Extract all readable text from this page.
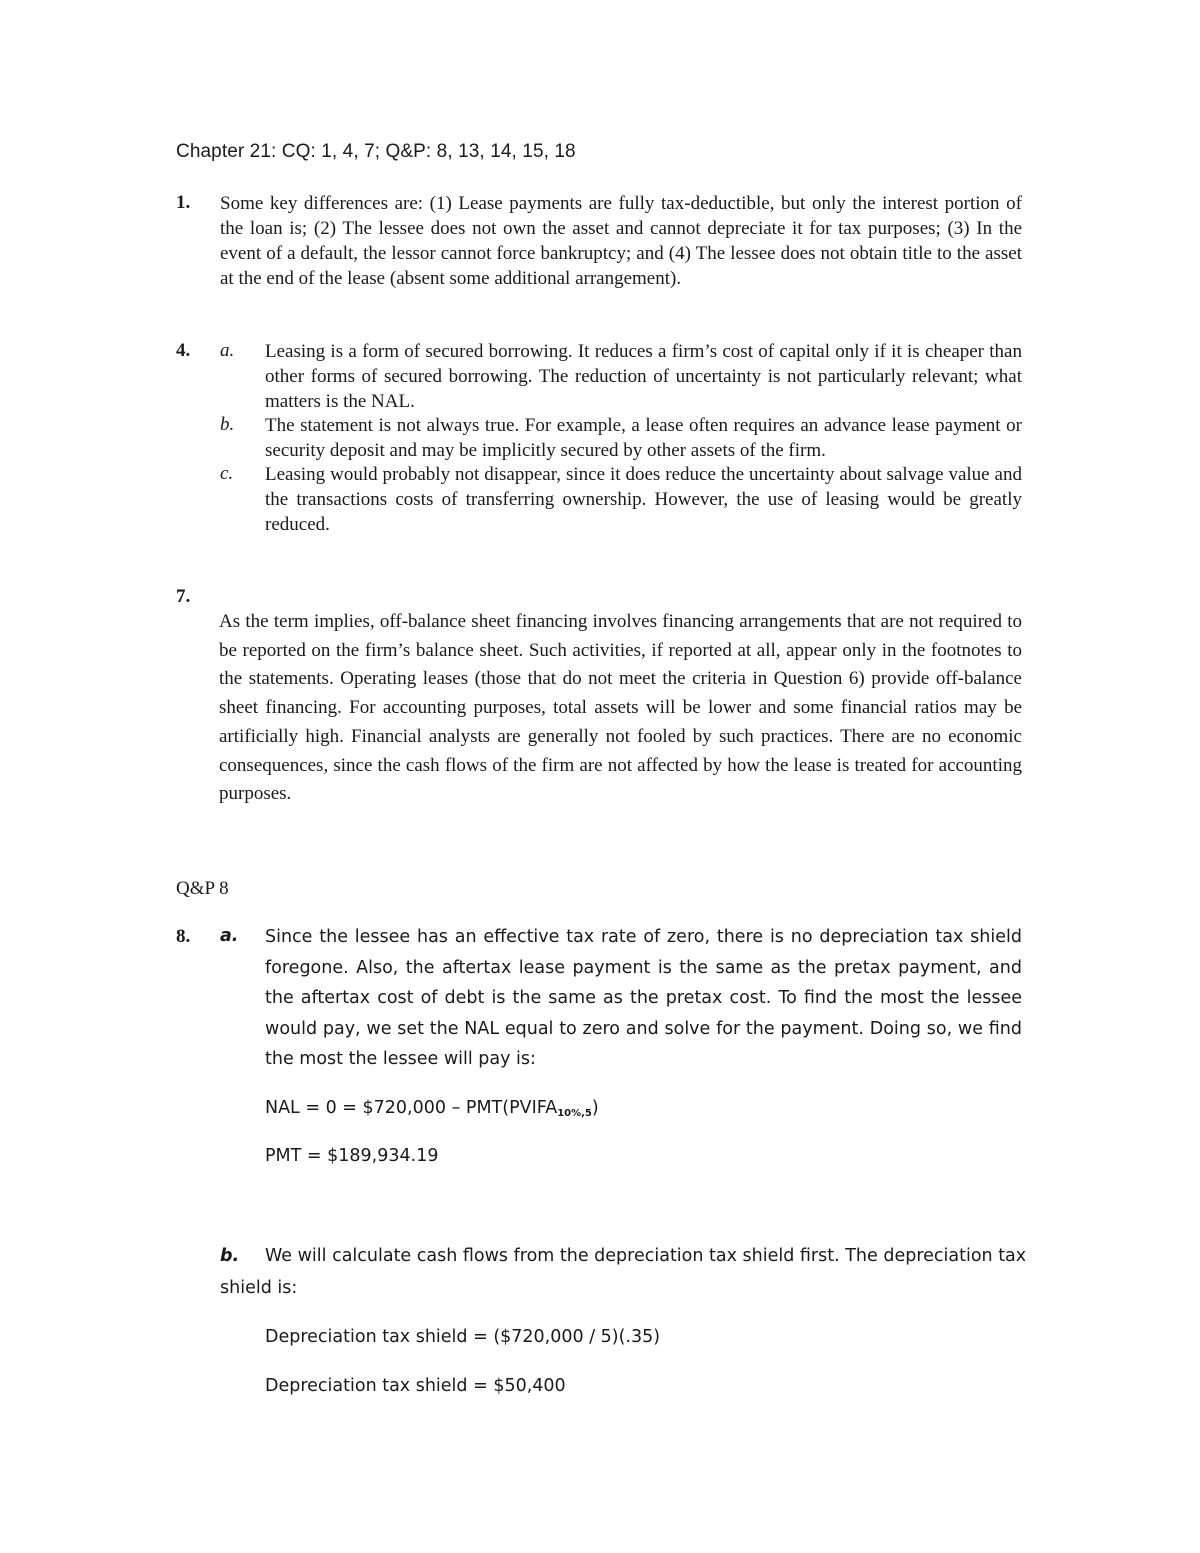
Chapter 21: CQ: 1, 4, 7; Q&P: 8, 13, 14, 15, 18
1. Some key differences are: (1) Lease payments are fully tax-deductible, but only the interest portion of the loan is; (2) The lessee does not own the asset and cannot depreciate it for tax purposes; (3) In the event of a default, the lessor cannot force bankruptcy; and (4) The lessee does not obtain title to the asset at the end of the lease (absent some additional arrangement).
4. a. Leasing is a form of secured borrowing. It reduces a firm’s cost of capital only if it is cheaper than other forms of secured borrowing. The reduction of uncertainty is not particularly relevant; what matters is the NAL.
b. The statement is not always true. For example, a lease often requires an advance lease payment or security deposit and may be implicitly secured by other assets of the firm.
c. Leasing would probably not disappear, since it does reduce the uncertainty about salvage value and the transactions costs of transferring ownership. However, the use of leasing would be greatly reduced.
7.
As the term implies, off-balance sheet financing involves financing arrangements that are not required to be reported on the firm’s balance sheet. Such activities, if reported at all, appear only in the footnotes to the statements. Operating leases (those that do not meet the criteria in Question 6) provide off-balance sheet financing. For accounting purposes, total assets will be lower and some financial ratios may be artificially high. Financial analysts are generally not fooled by such practices. There are no economic consequences, since the cash flows of the firm are not affected by how the lease is treated for accounting purposes.
Q&P 8
8. a. Since the lessee has an effective tax rate of zero, there is no depreciation tax shield foregone. Also, the aftertax lease payment is the same as the pretax payment, and the aftertax cost of debt is the same as the pretax cost. To find the most the lessee would pay, we set the NAL equal to zero and solve for the payment. Doing so, we find the most the lessee will pay is:
NAL = 0 = $720,000 – $PMT(PVIFA_{10\%,5})$
PMT = $189,934.19
b. We will calculate cash flows from the depreciation tax shield first. The depreciation tax
shield is:
Depreciation tax shield = ($720,000 / 5)(.35)
Depreciation tax shield = $50,400
